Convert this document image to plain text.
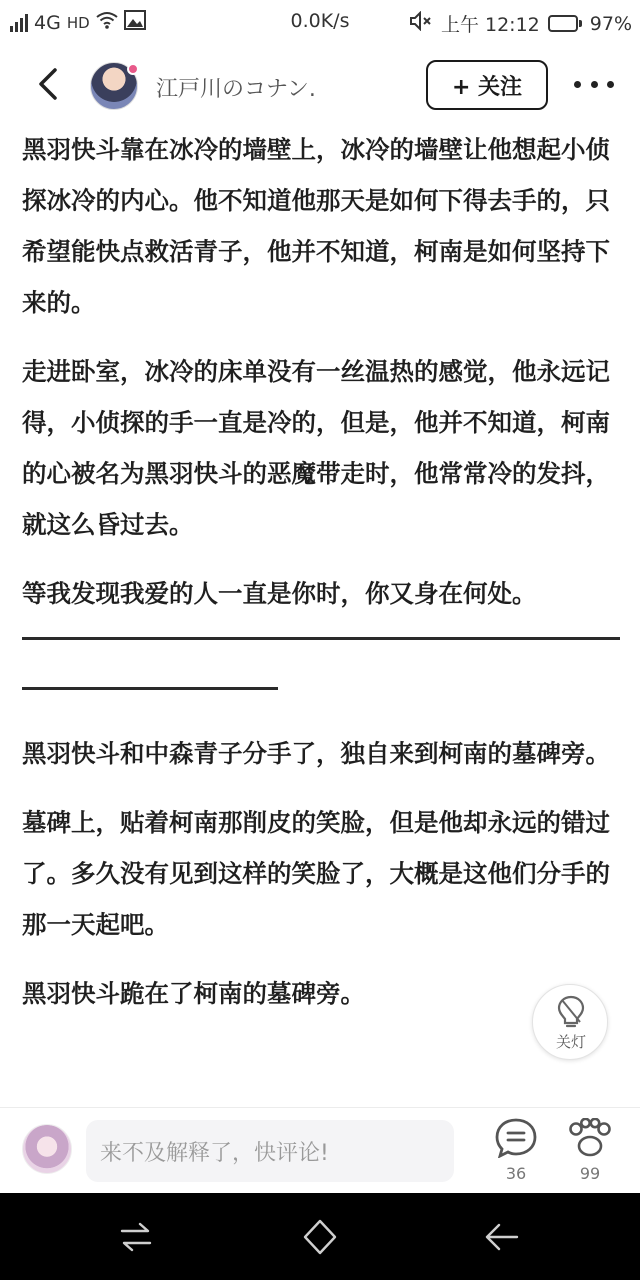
4G HD	0.0K/s	上午 12:12	97%
江戸川のコナン.	+ 关注

黑羽快斗靠在冰冷的墙壁上，冰冷的墙壁让他想起小侦探冰冷的内心。他不知道他那天是如何下得去手的，只希望能快点救活青子，他并不知道，柯南是如何坚持下来的。

走进卧室，冰冷的床单没有一丝温热的感觉，他永远记得，小侦探的手一直是冷的，但是，他并不知道，柯南的心被名为黑羽快斗的恶魔带走时，他常常冷的发抖，就这么昏过去。

等我发现我爱的人一直是你时，你又身在何处。

黑羽快斗和中森青子分手了，独自来到柯南的墓碑旁。

墓碑上，贴着柯南那削皮的笑脸，但是他却永远的错过了。多久没有见到这样的笑脸了，大概是这他们分手的那一天起吧。

黑羽快斗跪在了柯南的墓碑旁。

关灯
来不及解释了，快评论!
36	99
